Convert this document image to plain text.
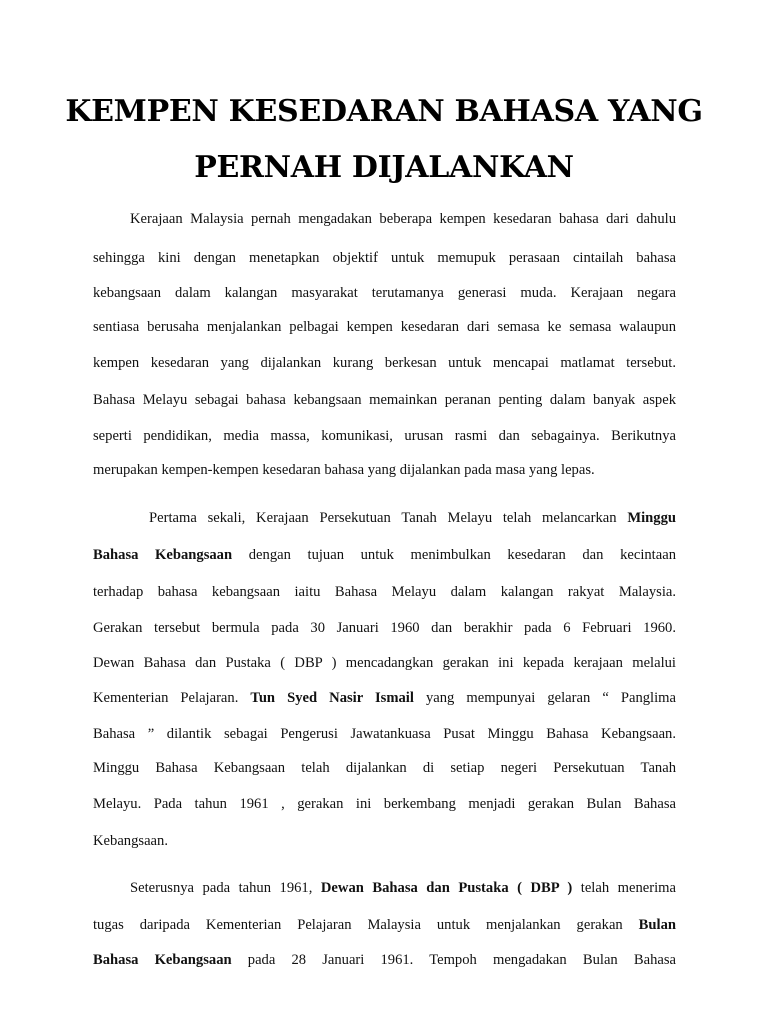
KEMPEN KESEDARAN BAHASA YANG
PERNAH DIJALANKAN
Kerajaan Malaysia pernah mengadakan beberapa kempen kesedaran bahasa dari dahulu
sehingga kini dengan menetapkan objektif untuk memupuk perasaan cintailah bahasa
kebangsaan dalam kalangan masyarakat terutamanya generasi muda. Kerajaan negara
sentiasa berusaha menjalankan pelbagai kempen kesedaran dari semasa ke semasa walaupun
kempen kesedaran yang dijalankan kurang berkesan untuk mencapai matlamat tersebut.
Bahasa Melayu sebagai bahasa kebangsaan memainkan peranan penting dalam banyak aspek
seperti pendidikan, media massa, komunikasi, urusan rasmi dan sebagainya. Berikutnya
merupakan kempen-kempen kesedaran bahasa yang dijalankan pada masa yang lepas.
Pertama sekali, Kerajaan Persekutuan Tanah Melayu telah melancarkan Minggu
Bahasa Kebangsaan dengan tujuan untuk menimbulkan kesedaran dan kecintaan
terhadap bahasa kebangsaan iaitu Bahasa Melayu dalam kalangan rakyat Malaysia.
Gerakan tersebut bermula pada 30 Januari 1960 dan berakhir pada 6 Februari 1960.
Dewan Bahasa dan Pustaka ( DBP ) mencadangkan gerakan ini kepada kerajaan melalui
Kementerian Pelajaran. Tun Syed Nasir Ismail yang mempunyai gelaran “ Panglima
Bahasa ” dilantik sebagai Pengerusi Jawatankuasa Pusat Minggu Bahasa Kebangsaan.
Minggu Bahasa Kebangsaan telah dijalankan di setiap negeri Persekutuan Tanah
Melayu. Pada tahun 1961 , gerakan ini berkembang menjadi gerakan Bulan Bahasa
Kebangsaan.
Seterusnya pada tahun 1961, Dewan Bahasa dan Pustaka ( DBP ) telah menerima
tugas daripada Kementerian Pelajaran Malaysia untuk menjalankan gerakan Bulan
Bahasa Kebangsaan pada 28 Januari 1961. Tempoh mengadakan Bulan Bahasa
